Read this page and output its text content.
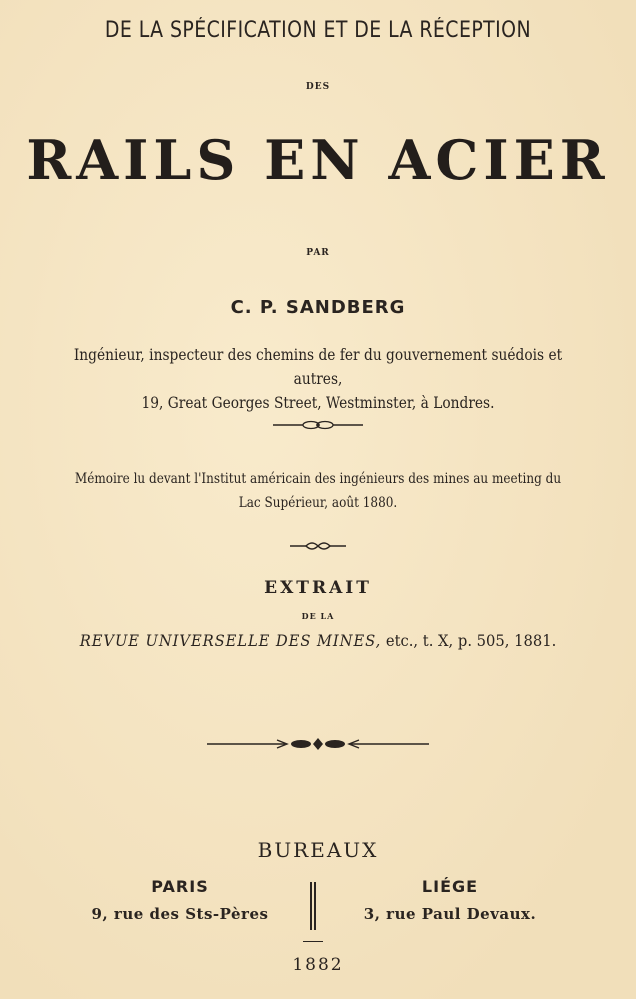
DE LA SPÉCIFICATION ET DE LA RÉCEPTION
DES
RAILS EN ACIER
PAR
C. P. SANDBERG
Ingénieur, inspecteur des chemins de fer du gouvernement suédois et autres,
19, Great Georges Street, Westminster, à Londres.
Mémoire lu devant l'Institut américain des ingénieurs des mines au meeting du
Lac Supérieur, août 1880.
EXTRAIT
DE LA
REVUE UNIVERSELLE DES MINES, etc., t. X, p. 505, 1881.
BUREAUX
PARIS
9, rue des Sts-Pères
LIÉGE
3, rue Paul Devaux.
1882
